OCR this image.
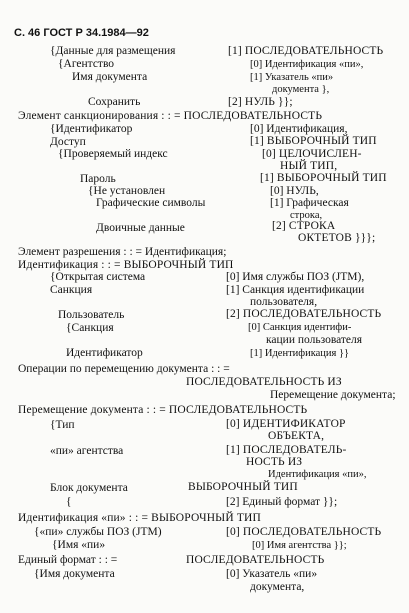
С. 46 ГОСТ Р 34.1984—92
{Данные для размещения	[1] ПОСЛЕДОВАТЕЛЬНОСТЬ
{Агентство	[0] Идентификация «пи»,
Имя документа	[1] Указатель «пи»
документа },
Сохранить	[2] НУЛЬ }};
Элемент санкционирования : : = ПОСЛЕДОВАТЕЛЬНОСТЬ
{Идентификатор	[0] Идентификация,
Доступ	[1] ВЫБОРОЧНЫЙ ТИП
{Проверяемый индекс	[0] ЦЕЛОЧИСЛЕН-
НЫЙ ТИП,
Пароль	[1] ВЫБОРОЧНЫЙ ТИП
{Не установлен	[0] НУЛЬ,
Графические символы	[1] Графическая
строка,
Двоичные данные	[2] СТРОКА
ОКТЕТОВ }}};
Элемент разрешения : : = Идентификация;
Идентификация : : = ВЫБОРОЧНЫЙ ТИП
{Открытая система	[0] Имя службы ПОЗ (JTM),
Санкция	[1] Санкция идентификации
пользователя,
Пользователь	[2] ПОСЛЕДОВАТЕЛЬНОСТЬ
{Санкция	[0] Санкция идентифи-
кации пользователя
Идентификатор	[1] Идентификация }}
Операции по перемещению документа : : =
ПОСЛЕДОВАТЕЛЬНОСТЬ ИЗ
Перемещение документа;
Перемещение документа : : = ПОСЛЕДОВАТЕЛЬНОСТЬ
{Тип	[0] ИДЕНТИФИКАТОР
ОБЪЕКТА,
«пи» агентства	[1] ПОСЛЕДОВАТЕЛЬ-
НОСТЬ ИЗ
Идентификация «пи»,
Блок документа	ВЫБОРОЧНЫЙ ТИП
{	[2] Единый формат }};
Идентификация «пи» : : = ВЫБОРОЧНЫЙ ТИП
{«пи» службы ПОЗ (JTM)	[0] ПОСЛЕДОВАТЕЛЬНОСТЬ
{Имя «пи»	[0] Имя агентства }};
Единый формат : : =	ПОСЛЕДОВАТЕЛЬНОСТЬ
{Имя документа	[0] Указатель «пи»
документа,
